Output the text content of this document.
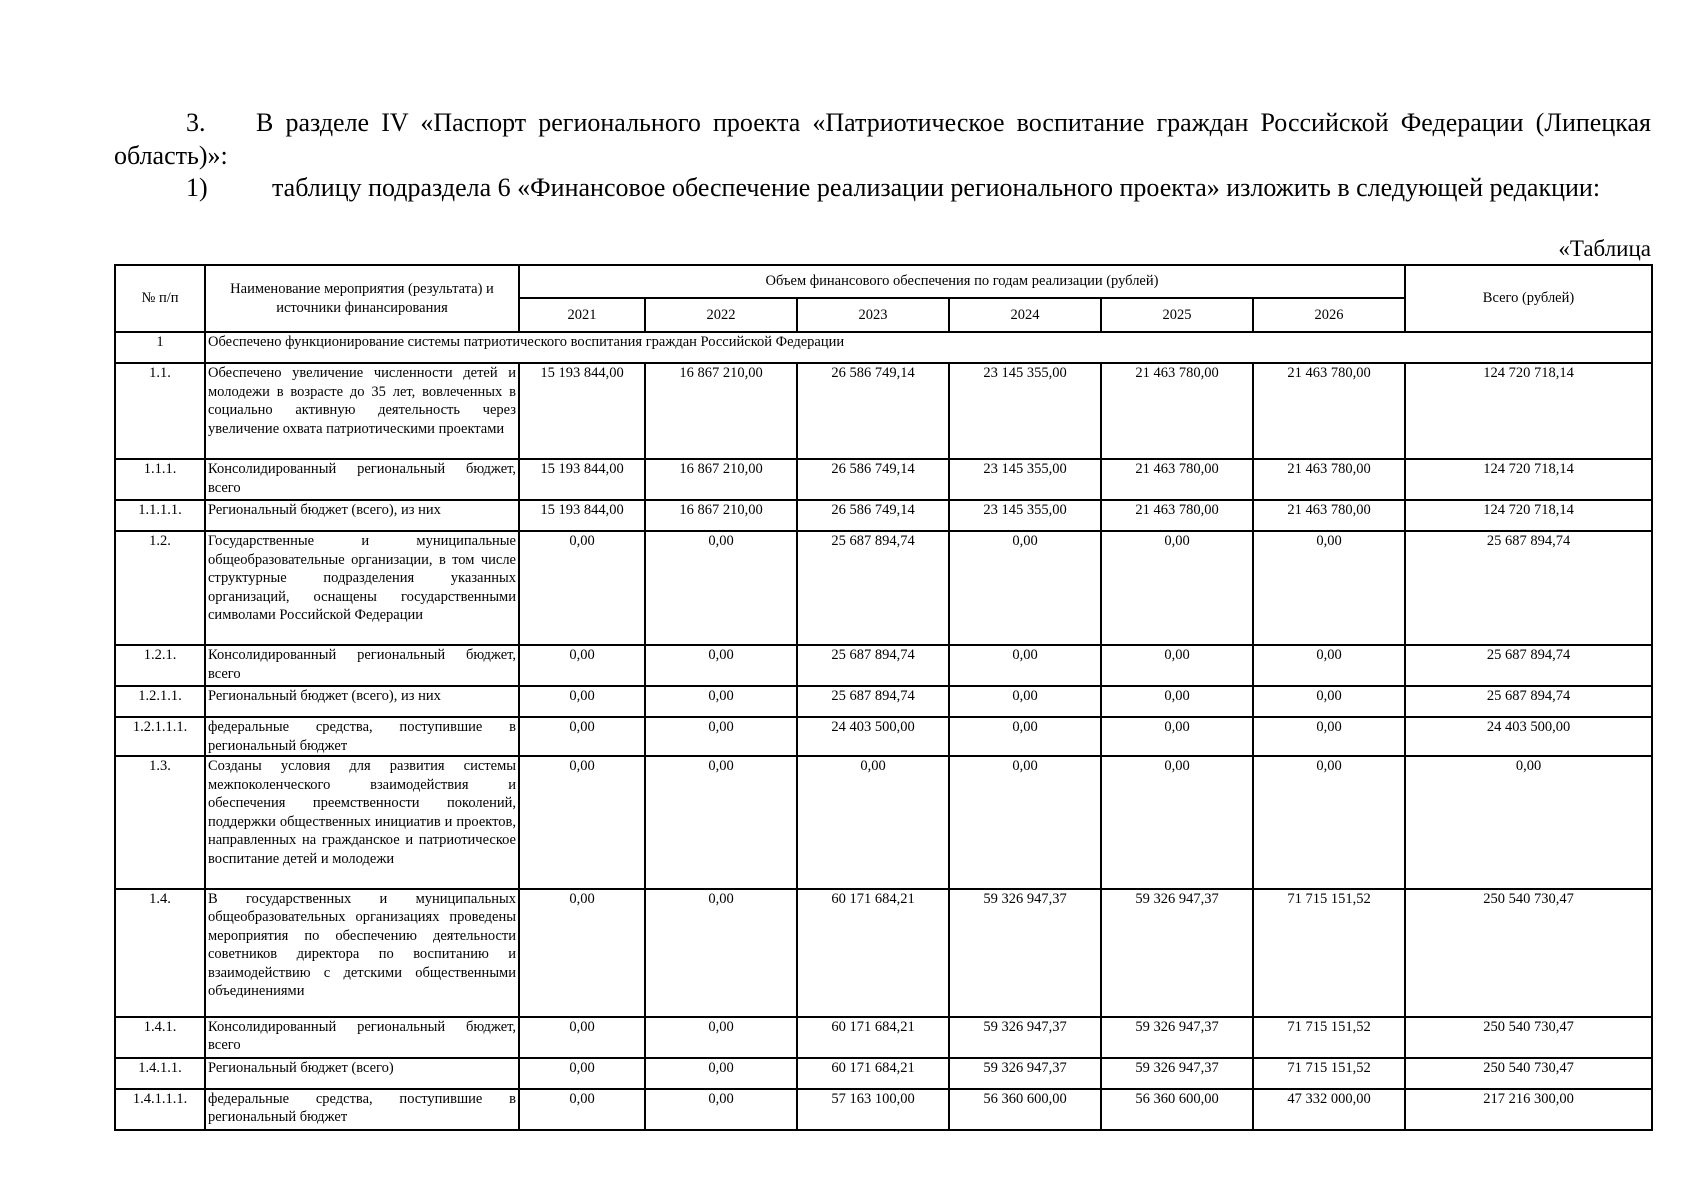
3. В разделе IV «Паспорт регионального проекта «Патриотическое воспитание граждан Российской Федерации (Липецкая область)»:

1) таблицу подраздела 6 «Финансовое обеспечение реализации регионального проекта» изложить в следующей редакции:

«Таблица
№ п/п	Наименование мероприятия (результата) и источники финансирования	Объем финансового обеспечения по годам реализации (рублей)						Всего (рублей)
		2021	2022	2023	2024	2025	2026	
1	Обеспечено функционирование системы патриотического воспитания граждан Российской Федерации							
1.1.	Обеспечено увеличение численности детей и молодежи в возрасте до 35 лет, вовлеченных в социально активную деятельность через увеличение охвата патриотическими проектами	15 193 844,00	16 867 210,00	26 586 749,14	23 145 355,00	21 463 780,00	21 463 780,00	124 720 718,14
1.1.1.	Консолидированный региональный бюджет, всего	15 193 844,00	16 867 210,00	26 586 749,14	23 145 355,00	21 463 780,00	21 463 780,00	124 720 718,14
1.1.1.1.	Региональный бюджет (всего), из них	15 193 844,00	16 867 210,00	26 586 749,14	23 145 355,00	21 463 780,00	21 463 780,00	124 720 718,14
1.2.	Государственные и муниципальные общеобразовательные организации, в том числе структурные подразделения указанных организаций, оснащены государственными символами Российской Федерации	0,00	0,00	25 687 894,74	0,00	0,00	0,00	25 687 894,74
1.2.1.	Консолидированный региональный бюджет, всего	0,00	0,00	25 687 894,74	0,00	0,00	0,00	25 687 894,74
1.2.1.1.	Региональный бюджет (всего), из них	0,00	0,00	25 687 894,74	0,00	0,00	0,00	25 687 894,74
1.2.1.1.1.	федеральные средства, поступившие в региональный бюджет	0,00	0,00	24 403 500,00	0,00	0,00	0,00	24 403 500,00
1.3.	Созданы условия для развития системы межпоколенческого взаимодействия и обеспечения преемственности поколений, поддержки общественных инициатив и проектов, направленных на гражданское и патриотическое воспитание детей и молодежи	0,00	0,00	0,00	0,00	0,00	0,00	0,00
1.4.	В государственных и муниципальных общеобразовательных организациях проведены мероприятия по обеспечению деятельности советников директора по воспитанию и взаимодействию с детскими общественными объединениями	0,00	0,00	60 171 684,21	59 326 947,37	59 326 947,37	71 715 151,52	250 540 730,47
1.4.1.	Консолидированный региональный бюджет, всего	0,00	0,00	60 171 684,21	59 326 947,37	59 326 947,37	71 715 151,52	250 540 730,47
1.4.1.1.	Региональный бюджет (всего)	0,00	0,00	60 171 684,21	59 326 947,37	59 326 947,37	71 715 151,52	250 540 730,47
1.4.1.1.1.	федеральные средства, поступившие в региональный бюджет	0,00	0,00	57 163 100,00	56 360 600,00	56 360 600,00	47 332 000,00	217 216 300,00
